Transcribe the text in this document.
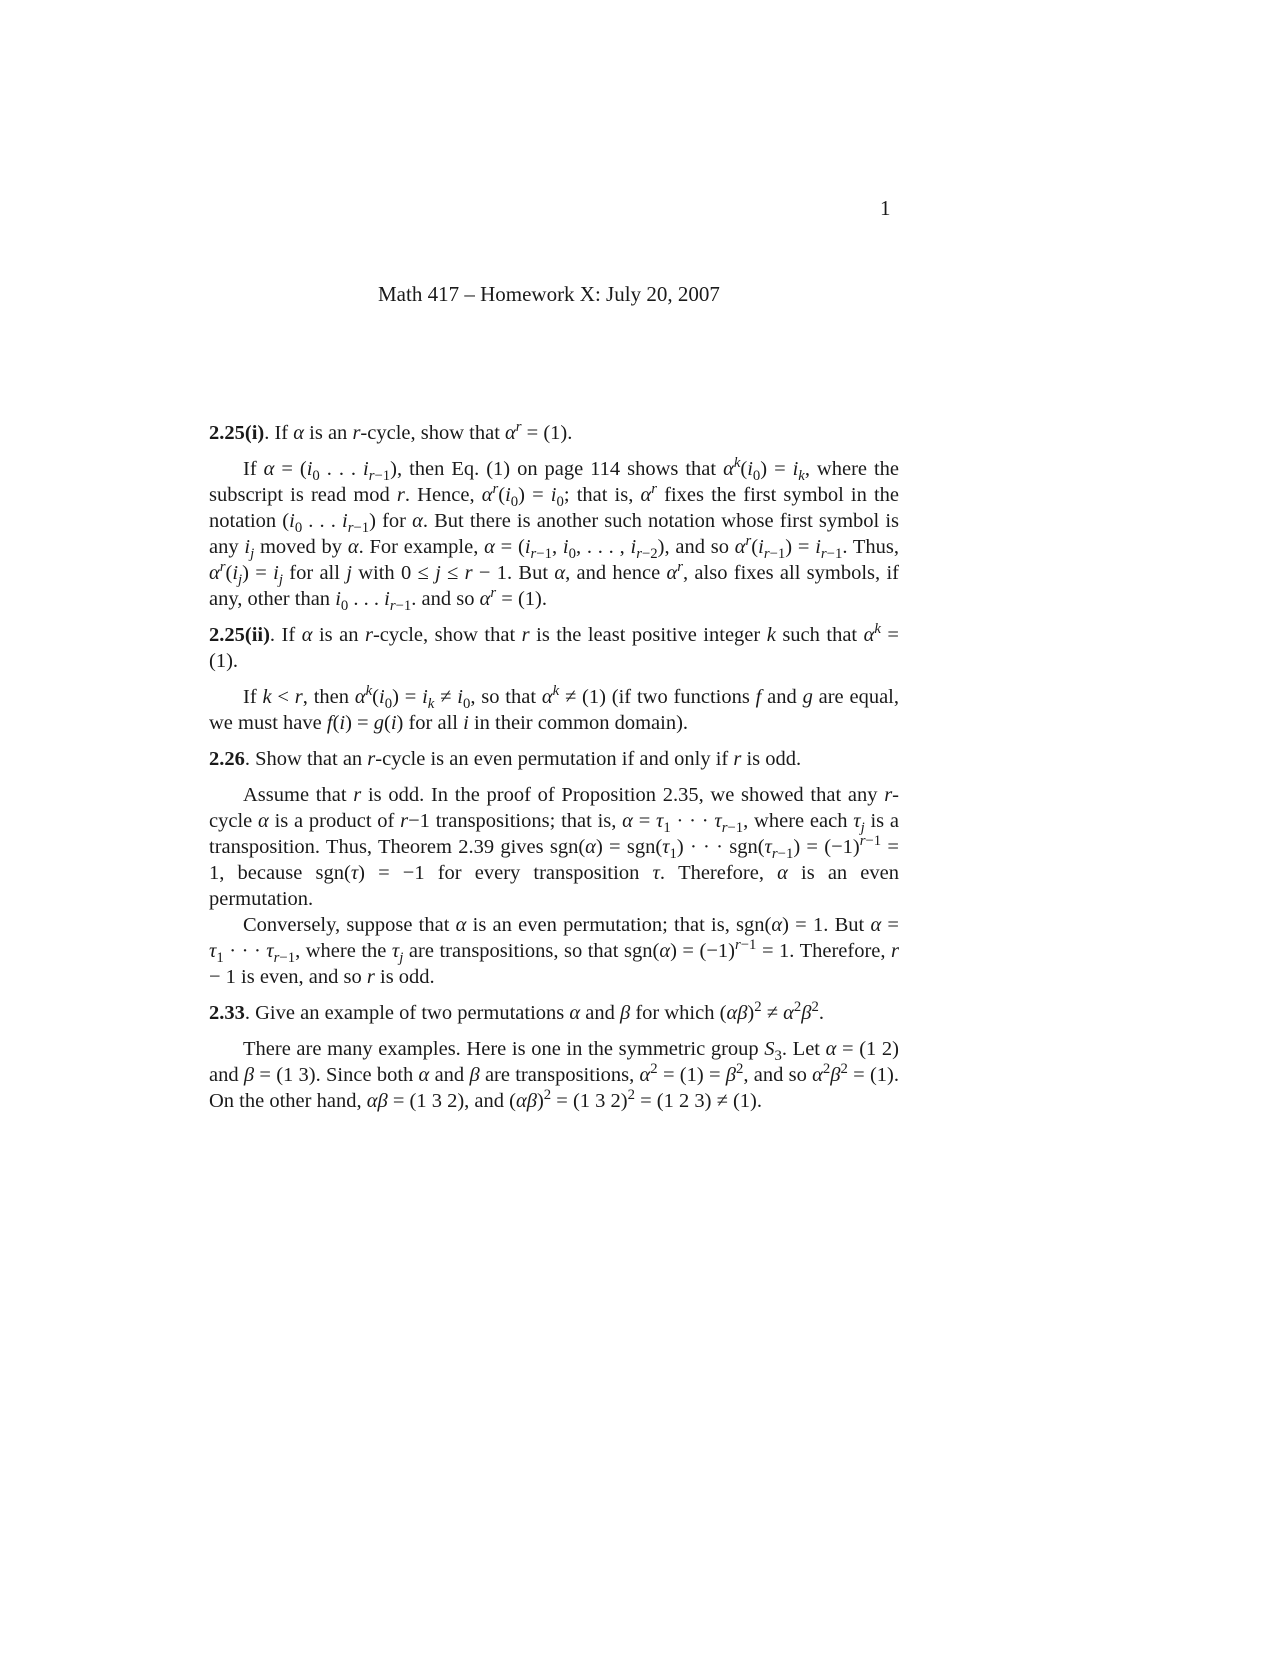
1
Math 417 – Homework X: July 20, 2007
2.25(i). If α is an r-cycle, show that $\alpha^r = (1)$.

If $\alpha = (i_0$ . . . $i_{r-1}$), then Eq. (1) on page 114 shows that $\alpha^k(i_0) = i_k$, where the subscript is read mod r. Hence, $\alpha^r(i_0) = i_0$; that is, $\alpha^r$ fixes the first symbol in the notation ($i_0$ . . . $i_{r-1}$) for α. But there is another such notation whose first symbol is any $i_j$ moved by α. For example, $\alpha = (i_{r-1}$, $i_0$, . . . , $i_{r-2}$), and so $\alpha^r(i_{r-1}) = i_{r-1}$. Thus, $\alpha^r(i_j) = i_j$ for all j with 0 ≤ j ≤ r − 1. But α, and hence $\alpha^r$, also fixes all symbols, if any, other than $i_0$ . . . $i_{r-1}$. and so $\alpha^r = (1)$.

2.25(ii). If α is an r-cycle, show that r is the least positive integer k such that $\alpha^k = (1)$.

If k < r, then $\alpha^k(i_0) = i_k \ne i_0$, so that $\alpha^k \ne (1)$ (if two functions f and g are equal, we must have f(i) = g(i) for all i in their common domain).

2.26. Show that an r-cycle is an even permutation if and only if r is odd.

Assume that r is odd. In the proof of Proposition 2.35, we showed that any r-cycle α is a product of r−1 transpositions; that is, $\alpha = \tau_1$ · · · $\tau_{r-1}$, where each $\tau_j$ is a transposition. Thus, Theorem 2.39 gives $sgn(\alpha) = sgn(\tau_1)$ · · · $sgn(\tau_{r-1}) = (-1)^{r-1} = 1$, because sgn(τ) = −1 for every transposition τ. Therefore, α is an even permutation.

Conversely, suppose that α is an even permutation; that is, sgn(α) = 1. But $\alpha = \tau_1$ · · · $\tau_{r-1}$, where the $\tau_j$ are transpositions, so that $sgn(\alpha) = (-1)^{r-1} = 1$. Therefore, r − 1 is even, and so r is odd.

2.33. Give an example of two permutations α and β for which $(\alpha\beta)^2 \ne \alpha^2\beta^2$.

There are many examples. Here is one in the symmetric group $S_3$. Let α = (1 2) and β = (1 3). Since both α and β are transpositions, $\alpha^2 = (1) = \beta^2$, and so $\alpha^2\beta^2 = (1)$. On the other hand, αβ = (1 3 2), and $(\alpha\beta)^2 = (1$ 3 2)$^2$ = (1 2 3) ≠ (1).
